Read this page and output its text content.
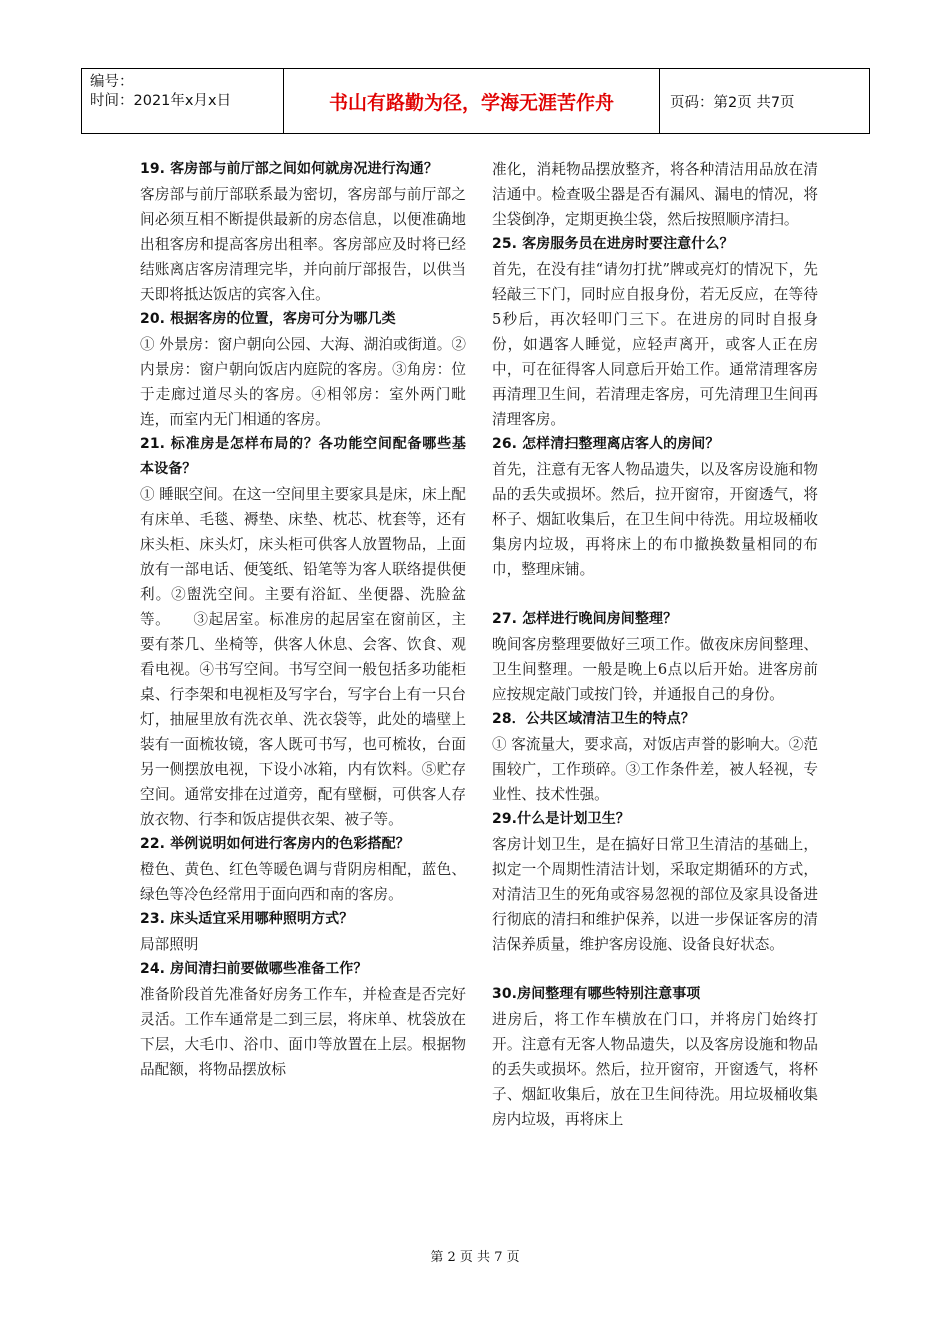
编号：
时间：2021年x月x日	书山有路勤为径，学海无涯苦作舟	页码：第2页 共7页

19. 客房部与前厅部之间如何就房况进行沟通？

客房部与前厅部联系最为密切，客房部与前厅部之间必须互相不断提供最新的房态信息，以便准确地出租客房和提高客房出租率。客房部应及时将已经结账离店客房清理完毕，并向前厅部报告，以供当天即将抵达饭店的宾客入住。

20. 根据客房的位置，客房可分为哪几类

① 外景房：窗户朝向公园、大海、湖泊或街道。②内景房：窗户朝向饭店内庭院的客房。③角房：位于走廊过道尽头的客房。④相邻房：室外两门毗连，而室内无门相通的客房。

21. 标准房是怎样布局的？各功能空间配备哪些基本设备？

① 睡眠空间。在这一空间里主要家具是床，床上配有床单、毛毯、褥垫、床垫、枕芯、枕套等，还有床头柜、床头灯，床头柜可供客人放置物品，上面放有一部电话、便笺纸、铅笔等为客人联络提供便利。②盥洗空间。主要有浴缸、坐便器、洗脸盆等。　　③起居室。标准房的起居室在窗前区，主要有茶几、坐椅等，供客人休息、会客、饮食、观看电视。④书写空间。书写空间一般包括多功能柜桌、行李架和电视柜及写字台，写字台上有一只台灯，抽屉里放有洗衣单、洗衣袋等，此处的墙壁上装有一面梳妆镜，客人既可书写，也可梳妆，台面另一侧摆放电视，下设小冰箱，内有饮料。⑤贮存空间。通常安排在过道旁，配有壁橱，可供客人存放衣物、行李和饭店提供衣架、被子等。

22. 举例说明如何进行客房内的色彩搭配？

橙色、黄色、红色等暖色调与背阴房相配，蓝色、绿色等冷色经常用于面向西和南的客房。

23. 床头适宜采用哪种照明方式？

局部照明

24. 房间清扫前要做哪些准备工作？

准备阶段首先准备好房务工作车，并检查是否完好灵活。工作车通常是二到三层，将床单、枕袋放在下层，大毛巾、浴巾、面巾等放置在上层。根据物品配额，将物品摆放标

准化，消耗物品摆放整齐，将各种清洁用品放在清洁通中。检查吸尘器是否有漏风、漏电的情况，将尘袋倒净，定期更换尘袋，然后按照顺序清扫。

25. 客房服务员在进房时要注意什么？

首先，在没有挂“请勿打扰”牌或亮灯的情况下，先轻敲三下门，同时应自报身份，若无反应，在等待5秒后，再次轻叩门三下。在进房的同时自报身份，如遇客人睡觉，应轻声离开，或客人正在房中，可在征得客人同意后开始工作。通常清理客房再清理卫生间，若清理走客房，可先清理卫生间再清理客房。

26. 怎样清扫整理离店客人的房间？

首先，注意有无客人物品遗失，以及客房设施和物品的丢失或损坏。然后，拉开窗帘，开窗透气，将杯子、烟缸收集后，在卫生间中待洗。用垃圾桶收集房内垃圾，再将床上的布巾撤换数量相同的布巾，整理床铺。

27. 怎样进行晚间房间整理？

晚间客房整理要做好三项工作。做夜床房间整理、卫生间整理。一般是晚上6点以后开始。进客房前应按规定敲门或按门铃，并通报自己的身份。

28．公共区域清洁卫生的特点？

① 客流量大，要求高，对饭店声誉的影响大。②范围较广，工作琐碎。③工作条件差，被人轻视，专业性、技术性强。

29.什么是计划卫生？

客房计划卫生，是在搞好日常卫生清洁的基础上，拟定一个周期性清洁计划，采取定期循环的方式，对清洁卫生的死角或容易忽视的部位及家具设备进行彻底的清扫和维护保养，以进一步保证客房的清洁保养质量，维护客房设施、设备良好状态。

30.房间整理有哪些特别注意事项

进房后，将工作车横放在门口，并将房门始终打开。注意有无客人物品遗失，以及客房设施和物品的丢失或损坏。然后，拉开窗帘，开窗透气，将杯子、烟缸收集后，放在卫生间待洗。用垃圾桶收集房内垃圾，再将床上

第 2 页 共 7 页
